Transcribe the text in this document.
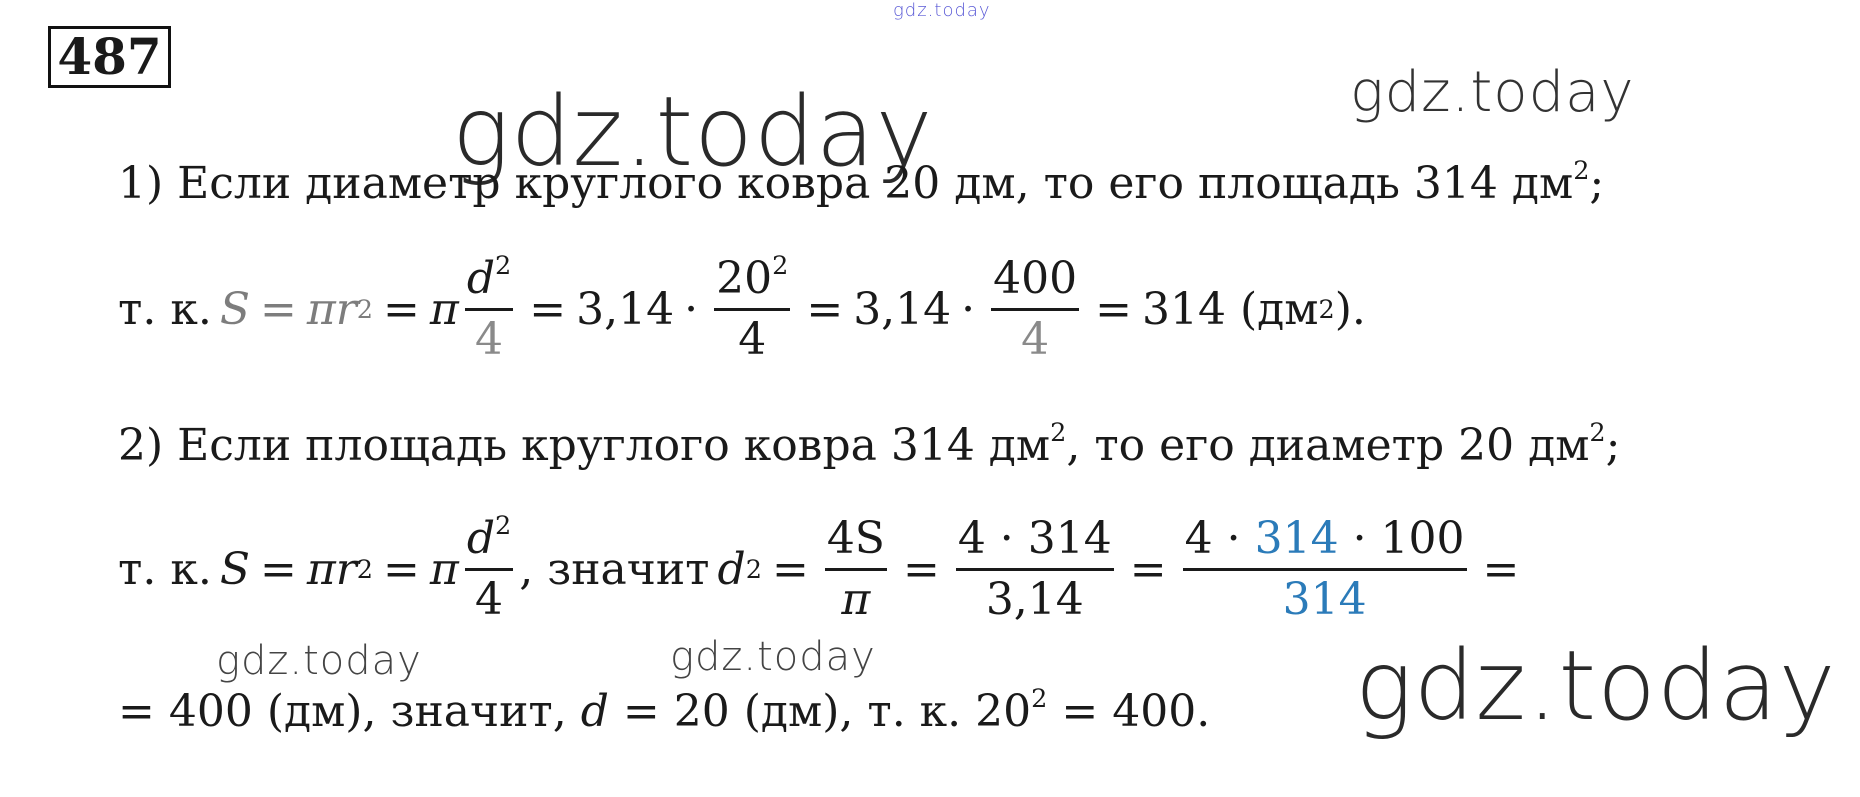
487
gdz.today
gdz.today	gdz.today
1) Если диаметр круглого ковра 20 дм, то его площадь 314 $дм^2$;
т. к. S = πr 2 = π $\frac{d^2}{4} = 3,14 \cdot \frac{20^2}{4} = 3,14 \cdot \frac{400}{4} = 314$ (дм 2 ).
2) Если площадь круглого ковра 314 $дм^2$, то его диаметр 20 $дм^2$;
т. к. S = πr 2 = π $\frac{d^2}{4}$ , значит d $2 = \frac{4S}{\pi} = \frac{4 \cdot 314}{3,14} = \frac{4 \cdot 314 \cdot 100}{314}$ =
= 400 (дм), значит, d = 20 (дм), т. к. $20^2 = 400$.
gdz.today	gdz.today	gdz.today
